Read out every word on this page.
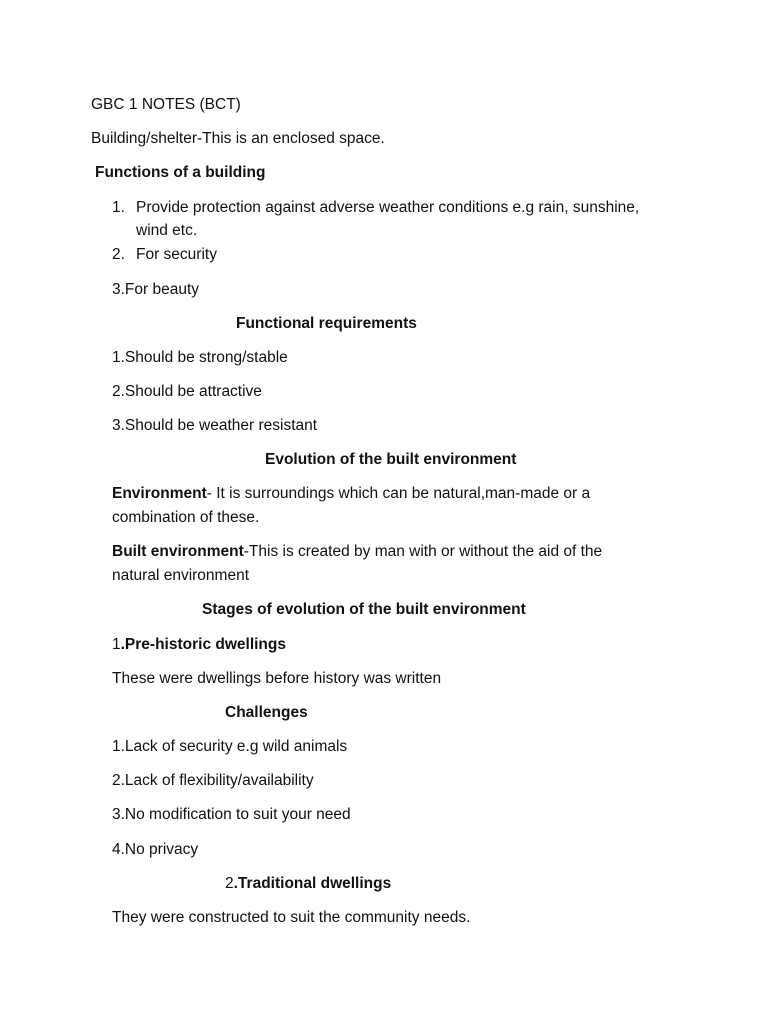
GBC 1 NOTES (BCT)
Building/shelter-This is an enclosed space.
Functions of a building
1. Provide protection against adverse weather conditions e.g rain, sunshine,
wind etc.
2. For security
3.For beauty
Functional requirements
1.Should be strong/stable
2.Should be attractive
3.Should be weather resistant
Evolution of the built environment
Environment- It is surroundings which can be natural,man-made or a
combination of these.
Built environment-This is created by man with or without the aid of the
natural environment
Stages of evolution of the built environment
1.Pre-historic dwellings
These were dwellings before history was written
Challenges
1.Lack of security e.g wild animals
2.Lack of flexibility/availability
3.No modification to suit your need
4.No privacy
2.Traditional dwellings
They were constructed to suit the community needs.
